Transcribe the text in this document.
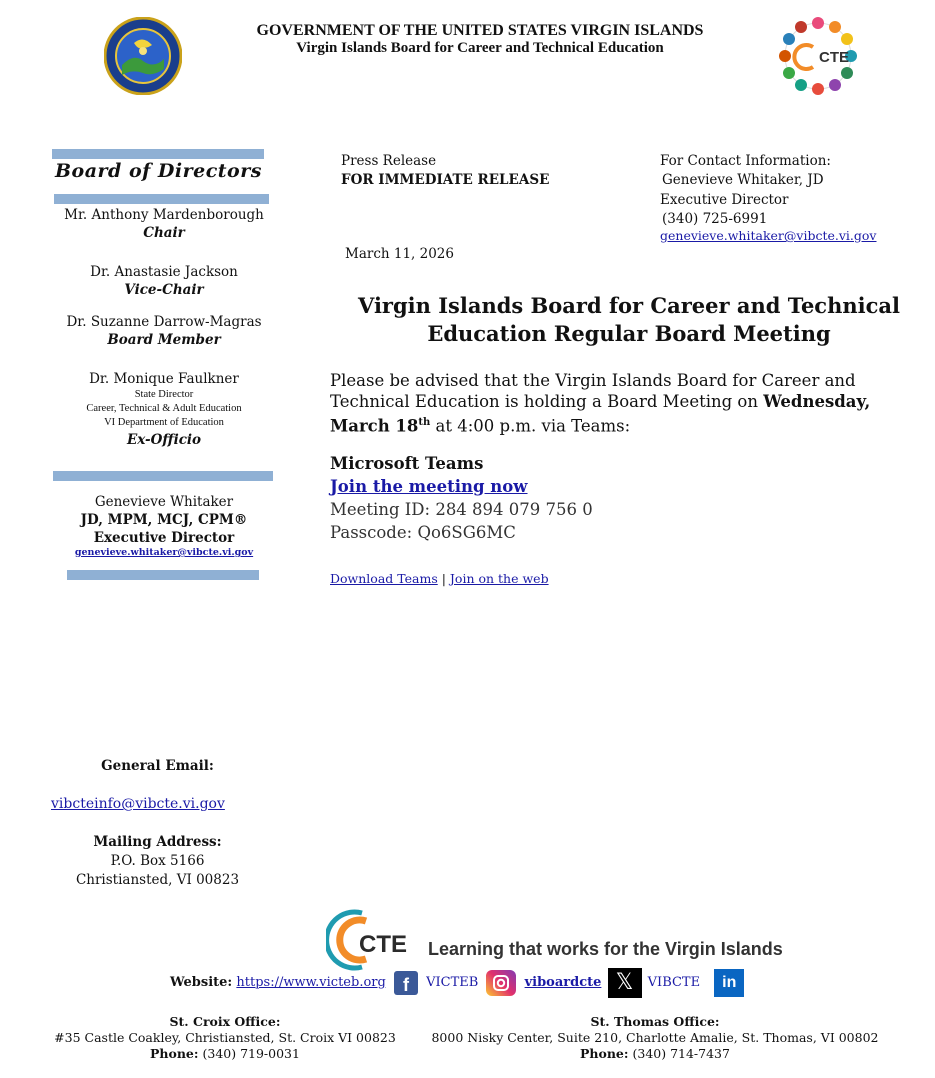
GOVERNMENT OF THE UNITED STATES VIRGIN ISLANDS
Virgin Islands Board for Career and Technical Education
CTE
Board of Directors
Mr. Anthony Mardenborough
Chair
Dr. Anastasie Jackson
Vice-Chair
Dr. Suzanne Darrow-Magras
Board Member
Dr. Monique Faulkner
State Director
Career, Technical & Adult Education
VI Department of Education
Ex-Officio
Genevieve Whitaker
JD, MPM, MCJ, CPM®
Executive Director
genevieve.whitaker@vibcte.vi.gov
General Email:
vibcteinfo@vibcte.vi.gov
Mailing Address:
P.O. Box 5166
Christiansted, VI 00823
Press Release
FOR IMMEDIATE RELEASE
March 11, 2026
For Contact Information:
Genevieve Whitaker, JD
Executive Director
(340) 725-6991
genevieve.whitaker@vibcte.vi.gov
Virgin Islands Board for Career and Technical
Education Regular Board Meeting
Please be advised that the Virgin Islands Board for Career and Technical Education is holding a Board Meeting on Wednesday, March 18th at 4:00 p.m. via Teams:
Microsoft Teams
Join the meeting now
Meeting ID: 284 894 079 756 0
Passcode: Qo6SG6MC
Download Teams | Join on the web
CTE Learning that works for the Virgin Islands
Website: https://www.victeb.org f VICTEB	viboardcte 𝕏 VIBCTE in
St. Croix Office:
#35 Castle Coakley, Christiansted, St. Croix VI 00823
Phone: (340) 719-0031
St. Thomas Office:
8000 Nisky Center, Suite 210, Charlotte Amalie, St. Thomas, VI 00802
Phone: (340) 714-7437
